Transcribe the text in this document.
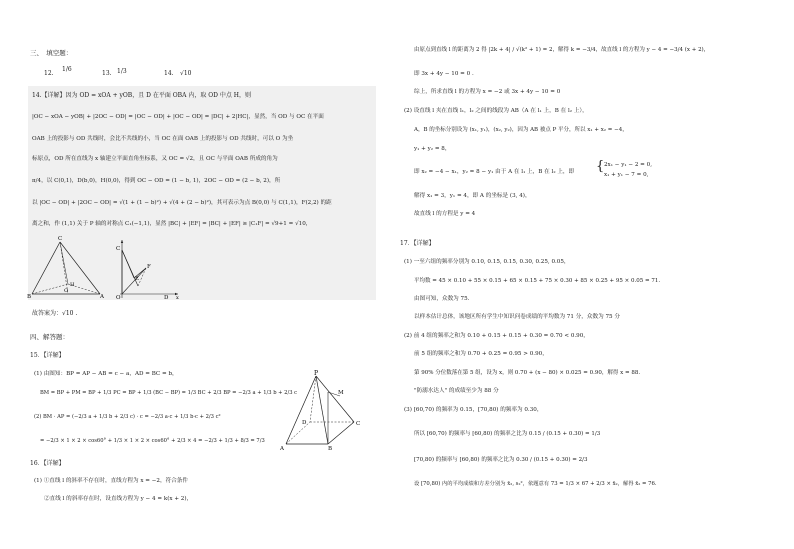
三、　填空题：
12.
1/6
13. 1/3	14. √10
14.【详解】因为 OD = xOA + yOB，且 D 在平面 OBA 内，取 OD 中点 H，则
|OC − xOA − yOB| + |2OC − OD| = |OC − OD| + |OC − OD| = |DC| + 2|HC|，显然，当 OD 与 OC 在平面
OAB 上的投影与 OD 共线时，会比不共线的小，当 OC 在面 OAB 上的投影与 OD 共线时，可以 O 为坐
标原点，OD 所在直线为 x 轴建立平面直角坐标系，又 OC = √2，且 OC 与平面 OAB 所成的角为
π/4，以 C(0,1)，D(b,0)，H(0,0)，得到 OC − OD = (1 − b, 1)，2OC − OD = (2 − b, 2)，所
以 |OC − OD| + |2OC − OD| = √(1 + (1 − b)²) + √(4 + (2 − b)²)，其可表示为点 B(0,0) 与 C(1,1)，F(2,2) 的距
离之和，作 (1,1) 关于 P 轴的对称点 C₁(−1,1)，显然 |BC| + |EF| = |BC| + |EF| ≥ |C₁F| = √9+1 = √10，
C
B	A
H
O
C
F
E
O	D x
故答案为：√10 .
四、解答题：
15．【详解】
(1) 由图知：BP = AP − AB = c − a，AD = BC = b，
BM = BP + PM = BP + 1/3 PC = BP + 1/3 (BC − BP) = 1/3 BC + 2/3 BP = −2/3 a + 1/3 b + 2/3 c
(2) BM · AP = (−2/3 a + 1/3 b + 2/3 c) · c = −2/3 a·c + 1/3 b·c + 2/3 c²
= −2/3 × 1 × 2 × cos60° + 1/3 × 1 × 2 × cos60° + 2/3 × 4 = −2/3 + 1/3 + 8/3 = 7/3
P
M
D	C
A	B
16．【详解】
(1) ①直线 l 的斜率不存在时，直线方程为 x = −2，符合条件
②直线 l 的斜率存在时，设直线方程为 y − 4 = k(x + 2)，
由原点到直线 l 的距离为 2 得 |2k + 4| / √(k² + 1) = 2，解得 k = −3/4，故直线 l 的方程为 y − 4 = −3/4 (x + 2)，
即 3x + 4y − 10 = 0 .
综上，所求直线 l 的方程为 x = −2 或 3x + 4y − 10 = 0
(2) 设直线 l 夹在直线 l₁，l₂ 之间的线段为 AB（A 在 l₁ 上，B 在 l₂ 上），
A，B 的坐标分别设为 (x₁, y₁)，(x₂, y₂)，因为 AB 被点 P 平分，所以 x₁ + x₂ = −4，
y₁ + y₂ = 8，
即 x₂ = −4 − x₁，y₂ = 8 − y₁ 由于 A 在 l₁ 上，B 在 l₂ 上，即 { 2x₁ − y₁ − 2 = 0,
x₁ + y₁ − 7 = 0,
解得 x₁ = 3，y₁ = 4，即 A 的坐标是 (3, 4)，
故直线 l 的方程是 y = 4
17．【详解】
(1) 一至六组的频率分别为 0.10, 0.15, 0.15, 0.30, 0.25, 0.05，
平均数 = 45 × 0.10 + 55 × 0.15 + 65 × 0.15 + 75 × 0.30 + 85 × 0.25 + 95 × 0.05 = 71.
由图可知，众数为 75.
以样本估计总体，该地区所有学生中知识问卷成绩的平均数为 71 分，众数为 75 分
(2) 前 4 组的频率之和为 0.10 + 0.15 + 0.15 + 0.30 = 0.70 < 0.90，
前 5 组的频率之和为 0.70 + 0.25 = 0.95 > 0.90，
第 90% 分位数落在第 5 组，设为 x，则 0.70 + (x − 80) × 0.025 = 0.90，解得 x = 88.
"防溺水达人" 的成绩至少为 88 分
(3) [60,70) 的频率为 0.15，[70,80) 的频率为 0.30，
所以 [60,70) 的频率与 [60,80) 的频率之比为 0.15 / (0.15 + 0.30) = 1/3
[70,80) 的频率与 [60,80) 的频率之比为 0.30 / (0.15 + 0.30) = 2/3
设 [70,80) 内的平均成绩和方差分别为 x̄₂, s₂²，依题意有 73 = 1/3 × 67 + 2/3 × x̄₂，解得 x̄₂ = 76.
